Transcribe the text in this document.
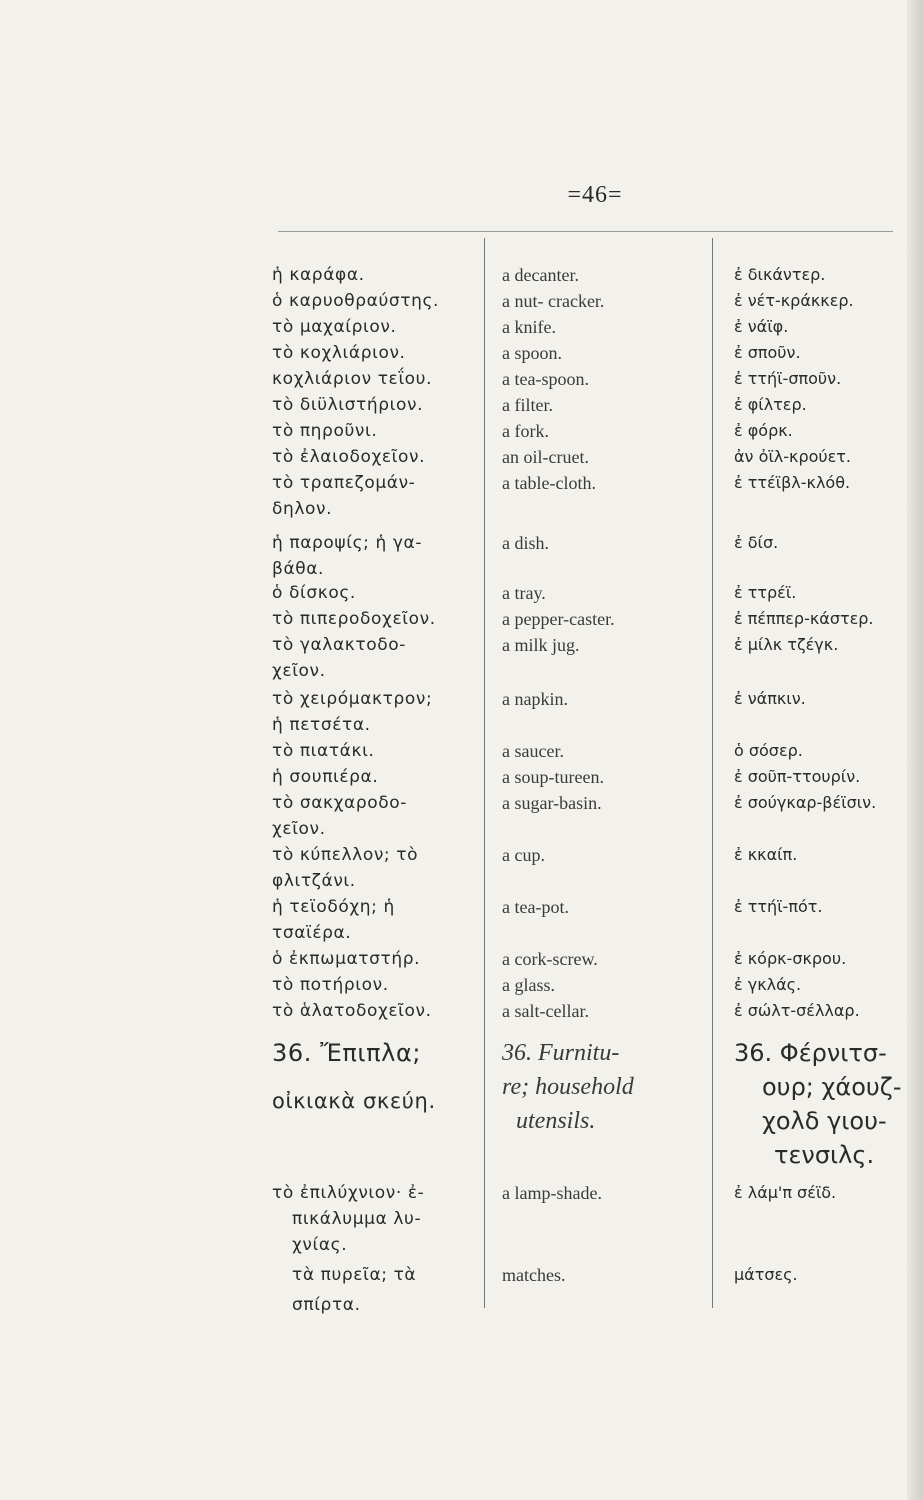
=46=
ἡ καράφα.	a decanter.	ἐ δικάντερ.
ὁ καρυοθραύστης.	a nut- cracker.	ἐ νέτ-κράκκερ.
τὸ μαχαίριον.	a knife.	ἐ νάϊφ.
τὸ κοχλιάριον.	a spoon.	ἐ σποῦν.
κοχλιάριον τεΐου.	a tea-spoon.	ἐ ττήϊ-σποῦν.
τὸ διϋλιστήριον.	a filter.	ἐ φίλτερ.
τὸ πηροῦνι.	a fork.	ἐ φόρκ.
τὸ ἐλαιοδοχεῖον.	an oil-cruet.	ἀν ὀϊλ-κρούετ.
τὸ τραπεζομάν-	a table-cloth.	ἐ ττέϊβλ-κλόθ.
δηλον.
ἡ παροψίς; ἡ γα-	a dish.	ἐ δίσ.
βάθα.
ὁ δίσκος.	a tray.	ἐ ττρέϊ.
τὸ πιπεροδοχεῖον.	a pepper-caster.	ἐ πέππερ-κάστερ.
τὸ γαλακτοδο-	a milk jug.	ἐ μίλκ τζέγκ.
χεῖον.
τὸ χειρόμακτρον;	a napkin.	ἐ νάπκιν.
ἡ πετσέτα.
τὸ πιατάκι.	a saucer.	ὁ σόσερ.
ἡ σουπιέρα.	a soup-tureen.	ἐ σοῦπ-ττουρίν.
τὸ σακχαροδο-	a sugar-basin.	ἐ σούγκαρ-βέϊσιν.
χεῖον.
τὸ κύπελλον; τὸ	a cup.	ἐ κκαίπ.
φλιτζάνι.
ἡ τεϊοδόχη; ἡ	a tea-pot.	ἐ ττήϊ-πότ.
τσαϊέρα.
ὁ ἐκπωματστήρ.	a cork-screw.	ἐ κόρκ-σκρου.
τὸ ποτήριον.	a glass.	ἐ γκλάς.
τὸ ἁλατοδοχεῖον.	a salt-cellar.	ἐ σώλτ-σέλλαρ.
36. Ἔπιπλα;
οἰκιακὰ σκεύη.
36. Furnitu-
re; household
utensils.
36. Φέρνιτσ-
ουρ; χάουζ-
χολδ γιου-
τενσιλς.
τὸ ἐπιλύχνιον· ἐ-	a lamp-shade.	ἐ λάμ'π σέϊδ.
πικάλυμμα λυ-
χνίας.
τὰ πυρεῖα; τὰ	matches.	μάτσες.
σπίρτα.
